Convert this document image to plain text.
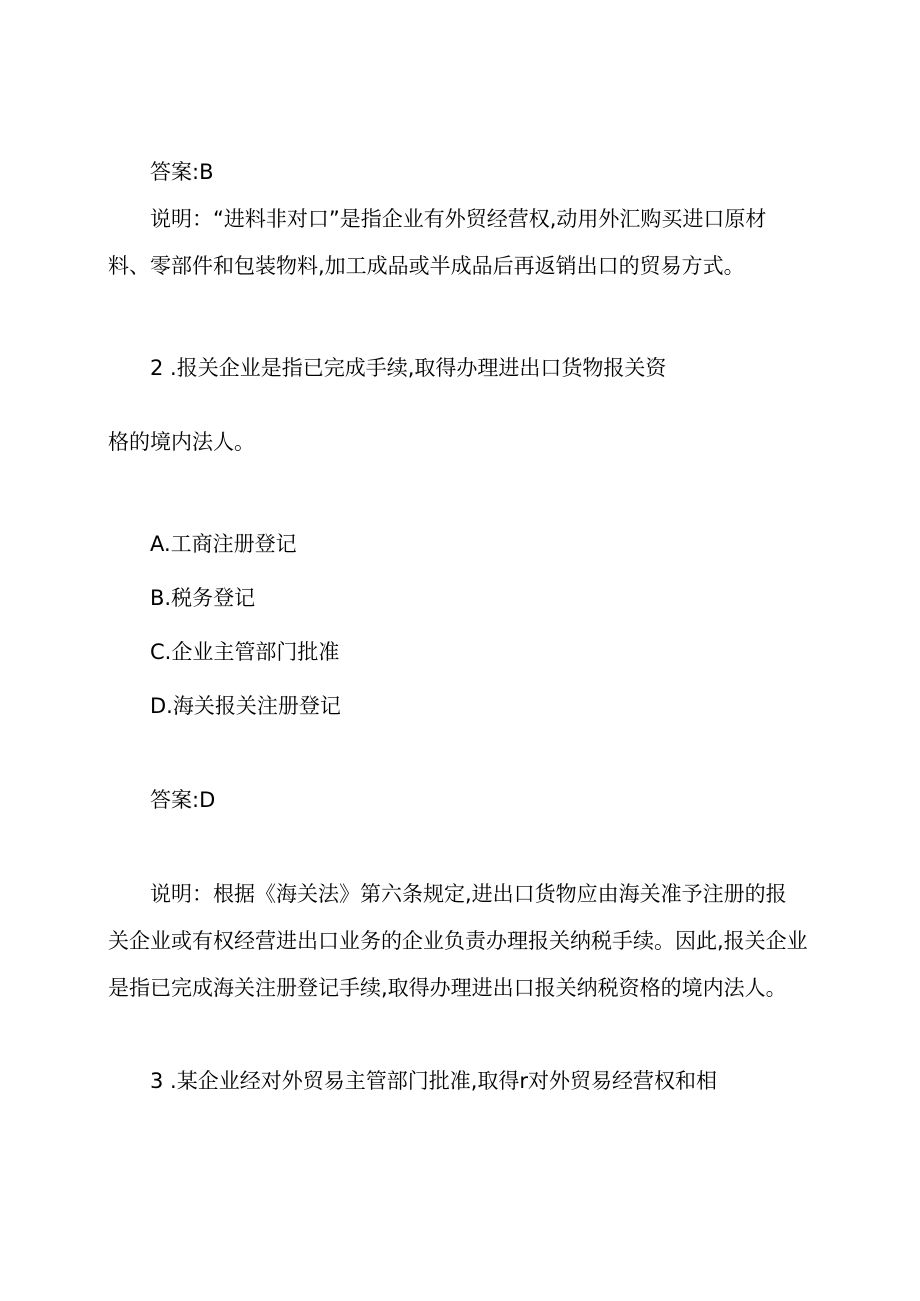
答案:B
说明：“进料非对口”是指企业有外贸经营权,动用外汇购买进口原材
料、零部件和包装物料,加工成品或半成品后再返销出口的贸易方式。
2 .报关企业是指已完成手续,取得办理进出口货物报关资
格的境内法人。
A.工商注册登记
B.税务登记
C.企业主管部门批准
D.海关报关注册登记
答案:D
说明：根据《海关法》第六条规定,进出口货物应由海关准予注册的报
关企业或有权经营进出口业务的企业负责办理报关纳税手续。因此,报关企业
是指已完成海关注册登记手续,取得办理进出口报关纳税资格的境内法人。
3 .某企业经对外贸易主管部门批准,取得r对外贸易经营权和相
